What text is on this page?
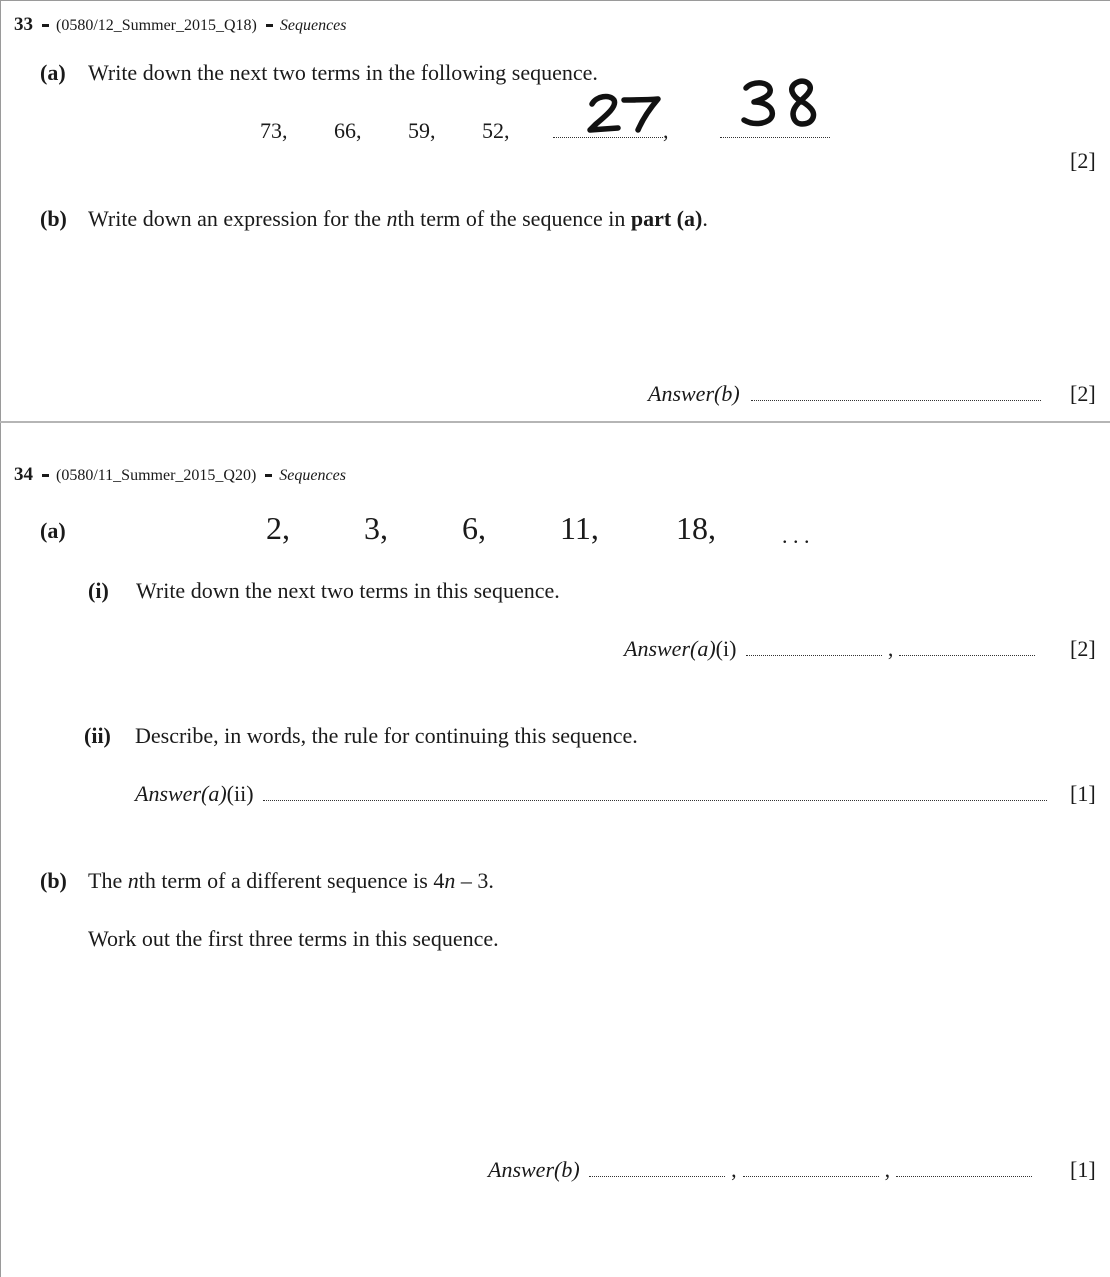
33 (0580/12_Summer_2015_Q18) Sequences
(a) Write down the next two terms in the following sequence.
73, 66, 59, 52,	,
[2]
(b) Write down an expression for the nth term of the sequence in part (a).
Answer(b)	[2]
34 (0580/11_Summer_2015_Q20) Sequences
(a)	2, 3, 6, 11, 18,	. . .
(i) Write down the next two terms in this sequence.
Answer(a)(i)	,	[2]
(ii) Describe, in words, the rule for continuing this sequence.
Answer(a)(ii)	[1]
(b) The nth term of a different sequence is 4n – 3.
Work out the first three terms in this sequence.
Answer(b)	,	,	[1]
